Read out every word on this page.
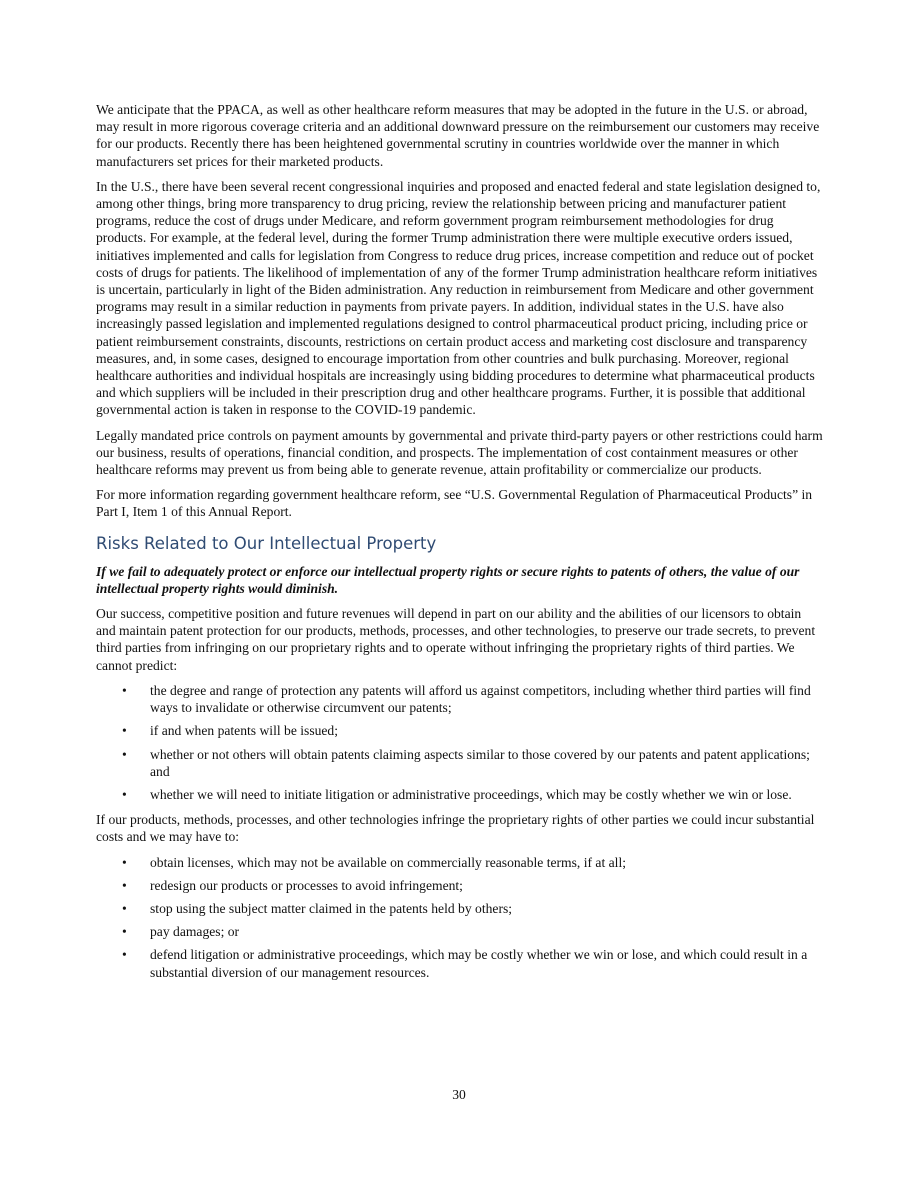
We anticipate that the PPACA, as well as other healthcare reform measures that may be adopted in the future in the U.S. or abroad, may result in more rigorous coverage criteria and an additional downward pressure on the reimbursement our customers may receive for our products. Recently there has been heightened governmental scrutiny in countries worldwide over the manner in which manufacturers set prices for their marketed products.

In the U.S., there have been several recent congressional inquiries and proposed and enacted federal and state legislation designed to, among other things, bring more transparency to drug pricing, review the relationship between pricing and manufacturer patient programs, reduce the cost of drugs under Medicare, and reform government program reimbursement methodologies for drug products. For example, at the federal level, during the former Trump administration there were multiple executive orders issued, initiatives implemented and calls for legislation from Congress to reduce drug prices, increase competition and reduce out of pocket costs of drugs for patients. The likelihood of implementation of any of the former Trump administration healthcare reform initiatives is uncertain, particularly in light of the Biden administration. Any reduction in reimbursement from Medicare and other government programs may result in a similar reduction in payments from private payers. In addition, individual states in the U.S. have also increasingly passed legislation and implemented regulations designed to control pharmaceutical product pricing, including price or patient reimbursement constraints, discounts, restrictions on certain product access and marketing cost disclosure and transparency measures, and, in some cases, designed to encourage importation from other countries and bulk purchasing. Moreover, regional healthcare authorities and individual hospitals are increasingly using bidding procedures to determine what pharmaceutical products and which suppliers will be included in their prescription drug and other healthcare programs. Further, it is possible that additional governmental action is taken in response to the COVID-19 pandemic.

Legally mandated price controls on payment amounts by governmental and private third-party payers or other restrictions could harm our business, results of operations, financial condition, and prospects. The implementation of cost containment measures or other healthcare reforms may prevent us from being able to generate revenue, attain profitability or commercialize our products.

For more information regarding government healthcare reform, see “U.S. Governmental Regulation of Pharmaceutical Products” in Part I, Item 1 of this Annual Report.

Risks Related to Our Intellectual Property

If we fail to adequately protect or enforce our intellectual property rights or secure rights to patents of others, the value of our intellectual property rights would diminish.

Our success, competitive position and future revenues will depend in part on our ability and the abilities of our licensors to obtain and maintain patent protection for our products, methods, processes, and other technologies, to preserve our trade secrets, to prevent third parties from infringing on our proprietary rights and to operate without infringing the proprietary rights of third parties. We cannot predict:

• the degree and range of protection any patents will afford us against competitors, including whether third parties will find ways to invalidate or otherwise circumvent our patents;
• if and when patents will be issued;
• whether or not others will obtain patents claiming aspects similar to those covered by our patents and patent applications; and
• whether we will need to initiate litigation or administrative proceedings, which may be costly whether we win or lose.

If our products, methods, processes, and other technologies infringe the proprietary rights of other parties we could incur substantial costs and we may have to:

• obtain licenses, which may not be available on commercially reasonable terms, if at all;
• redesign our products or processes to avoid infringement;
• stop using the subject matter claimed in the patents held by others;
• pay damages; or
• defend litigation or administrative proceedings, which may be costly whether we win or lose, and which could result in a substantial diversion of our management resources.
30
